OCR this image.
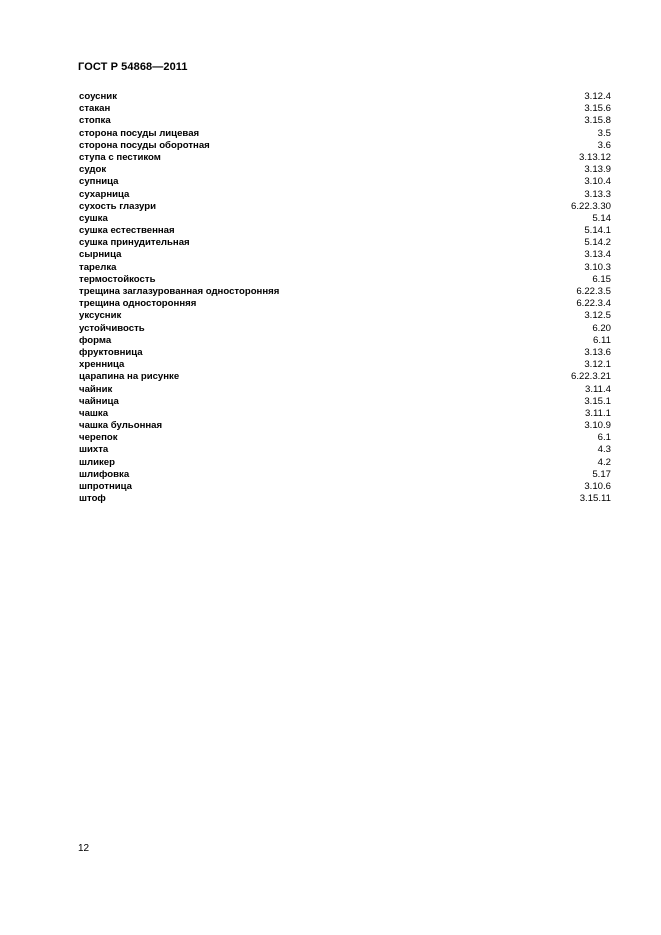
ГОСТ Р 54868—2011
соусник	3.12.4
стакан	3.15.6
стопка	3.15.8
сторона посуды лицевая	3.5
сторона посуды оборотная	3.6
ступа с пестиком	3.13.12
судок	3.13.9
супница	3.10.4
сухарница	3.13.3
сухость глазури	6.22.3.30
сушка	5.14
сушка естественная	5.14.1
сушка принудительная	5.14.2
сырница	3.13.4
тарелка	3.10.3
термостойкость	6.15
трещина заглазурованная односторонняя	6.22.3.5
трещина односторонняя	6.22.3.4
уксусник	3.12.5
устойчивость	6.20
форма	6.11
фруктовница	3.13.6
хренница	3.12.1
царапина на рисунке	6.22.3.21
чайник	3.11.4
чайница	3.15.1
чашка	3.11.1
чашка бульонная	3.10.9
черепок	6.1
шихта	4.3
шликер	4.2
шлифовка	5.17
шпротница	3.10.6
штоф	3.15.11
12
